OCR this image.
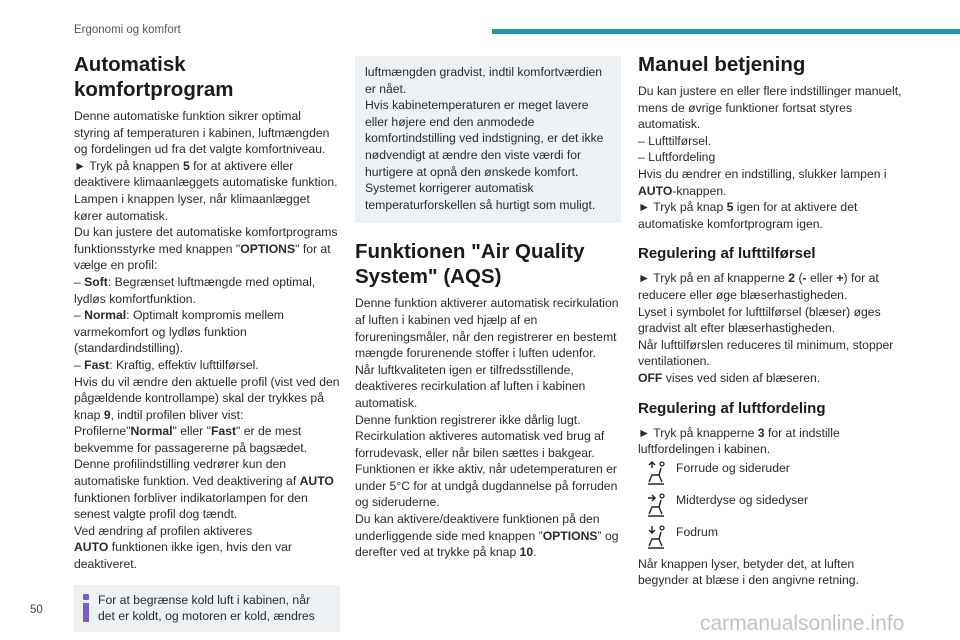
Ergonomi og komfort
Automatisk komfortprogram

Denne automatiske funktion sikrer optimal styring af temperaturen i kabinen, luftmængden og fordelingen ud fra det valgte komfortniveau.

► Tryk på knappen 5 for at aktivere eller deaktivere klimaanlæggets automatiske funktion.

Lampen i knappen lyser, når klimaanlægget kører automatisk.

Du kan justere det automatiske komfortprograms funktionsstyrke med knappen "OPTIONS" for at vælge en profil:

– Soft: Begrænset luftmængde med optimal, lydløs komfortfunktion.

– Normal: Optimalt kompromis mellem varmekomfort og lydløs funktion (standardindstilling).

– Fast: Kraftig, effektiv lufttilførsel.

Hvis du vil ændre den aktuelle profil (vist ved den pågældende kontrollampe) skal der trykkes på knap 9, indtil profilen bliver vist:

Profilerne"Normal" eller "Fast" er de mest bekvemme for passagererne på bagsædet.

Denne profilindstilling vedrører kun den automatiske funktion. Ved deaktivering af AUTO funktionen forbliver indikatorlampen for den senest valgte profil dog tændt.

Ved ændring af profilen aktiveres

AUTO funktionen ikke igen, hvis den var deaktiveret.

For at begrænse kold luft i kabinen, når det er koldt, og motoren er kold, ændres

luftmængden gradvist, indtil komfortværdien er nået.

Hvis kabinetemperaturen er meget lavere eller højere end den anmodede komfortindstilling ved indstigning, er det ikke nødvendigt at ændre den viste værdi for hurtigere at opnå den ønskede komfort. Systemet korrigerer automatisk temperaturforskellen så hurtigt som muligt.

Funktionen "Air Quality System" (AQS)

Denne funktion aktiverer automatisk recirkulation af luften i kabinen ved hjælp af en forureningsmåler, når den registrerer en bestemt mængde forurenende stoffer i luften udenfor.

Når luftkvaliteten igen er tilfredsstillende, deaktiveres recirkulation af luften i kabinen automatisk.

Denne funktion registrerer ikke dårlig lugt.

Recirkulation aktiveres automatisk ved brug af forrudevask, eller når bilen sættes i bakgear.

Funktionen er ikke aktiv, når udetemperaturen er under 5°C for at undgå dugdannelse på forruden og sideruderne.

Du kan aktivere/deaktivere funktionen på den underliggende side med knappen ”OPTIONS” og derefter ved at trykke på knap 10.

Manuel betjening

Du kan justere en eller flere indstillinger manuelt, mens de øvrige funktioner fortsat styres automatisk.

– Lufttilførsel.

– Luftfordeling

Hvis du ændrer en indstilling, slukker lampen i AUTO-knappen.

► Tryk på knap 5 igen for at aktivere det automatiske komfortprogram igen.

Regulering af lufttilførsel

► Tryk på en af knapperne 2 (- eller +) for at reducere eller øge blæserhastigheden.

Lyset i symbolet for lufttilførsel (blæser) øges gradvist alt efter blæserhastigheden.

Når lufttilførslen reduceres til minimum, stopper ventilationen.

OFF vises ved siden af blæseren.

Regulering af luftfordeling

► Tryk på knapperne 3 for at indstille luftfordelingen i kabinen.

Forrude og sideruder
Midterdyse og sidedyser
Fodrum

Når knappen lyser, betyder det, at luften begynder at blæse i den angivne retning.

50
carmanualsonline.info
